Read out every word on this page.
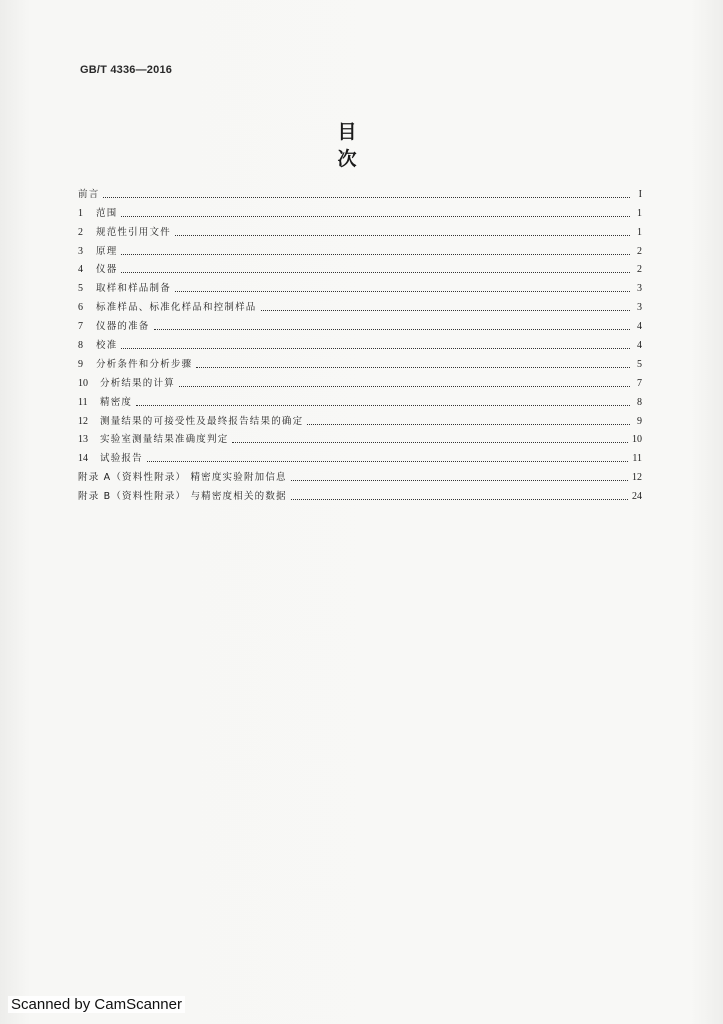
GB/T 4336—2016
目 次
前言	I
1	范围	1
2	规范性引用文件	1
3	原理	2
4	仪器	2
5	取样和样品制备	3
6	标准样品、标准化样品和控制样品	3
7	仪器的准备	4
8	校准	4
9	分析条件和分析步骤	5
10	分析结果的计算	7
11	精密度	8
12	测量结果的可接受性及最终报告结果的确定	9
13	实验室测量结果准确度判定	10
14	试验报告	11
附录 A（资料性附录） 精密度实验附加信息	12
附录 B（资料性附录） 与精密度相关的数据	24
Scanned by CamScanner
